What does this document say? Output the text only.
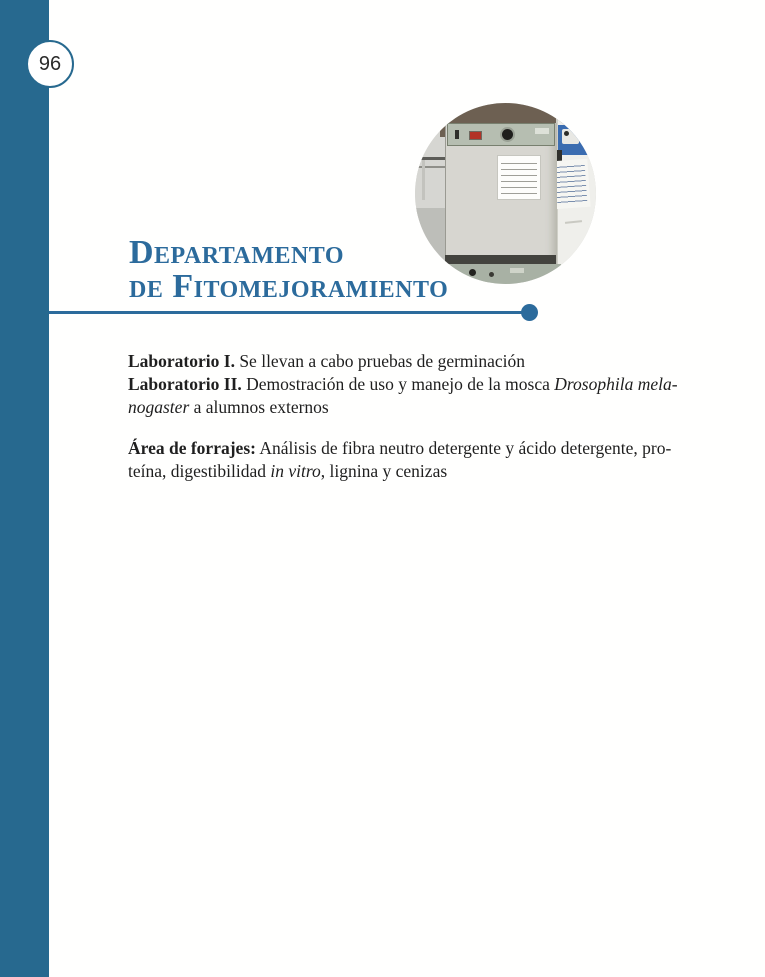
96
Departamento
de Fitomejoramiento
Laboratorio I. Se llevan a cabo pruebas de germinación
Laboratorio II. Demostración de uso y manejo de la mosca Drosophila mela-
nogaster a alumnos externos
Área de forrajes: Análisis de fibra neutro detergente y ácido detergente, pro-
teína, digestibilidad in vitro, lignina y cenizas
